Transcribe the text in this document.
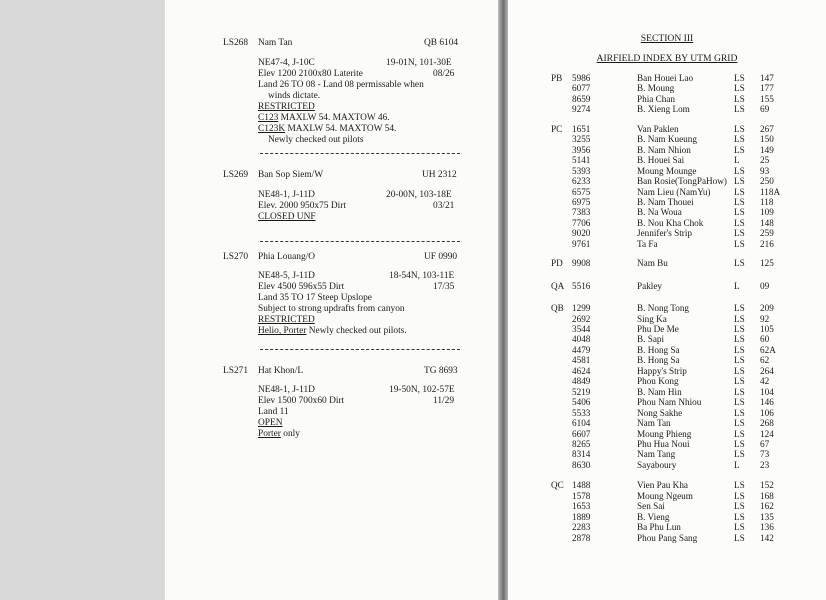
LS268 Nam Tan	QB 6104
NE47-4, J-10C	19-01N, 101-30E
Elev 1200 2100x80 Laterite	08/26
Land 26 TO 08 - Land 08 permissable when
winds dictate.
RESTRICTED
C123 MAXLW 54. MAXTOW 46.
C123K MAXLW 54. MAXTOW 54.
Newly checked out pilots
LS269 Ban Sop Siem/W	UH 2312
NE48-1, J-11D	20-00N, 103-18E
Elev. 2000 950x75 Dirt	03/21
CLOSED UNF
LS270 Phia Louang/O	UF 0990
NE48-5, J-11D	18-54N, 103-11E
Elev 4500 596x55 Dirt	17/35
Land 35 TO 17 Steep Upslope
Subject to strong updrafts from canyon
RESTRICTED
Helio, Porter Newly checked out pilots.
LS271 Hat Khon/L	TG 8693
NE48-1, J-11D	19-50N, 102-57E
Elev 1500 700x60 Dirt	11/29
Land 11
OPEN
Porter only
SECTION III
AIRFIELD INDEX BY UTM GRID
PB 5986	Ban Houei Lao	LS 147
6077	B. Moung	LS 177
8659	Phia Chan	LS 155
9274	B. Xieng Lom	LS 69
PC 1651	Van Paklen	LS 267
3255	B. Nam Kueung	LS 150
3956	B. Nam Nhion	LS 149
5141	B. Houei Sai	L 25
5393	Moung Mounge	LS 93
6233	Ban Rosie(TongPaHow) LS 250
6575	Nam Lieu (NamYu)	LS 118A
6975	B. Nam Thouei	LS 118
7383	B. Na Woua	LS 109
7706	B. Nou Kha Chok	LS 148
9020	Jennifer's Strip	LS 259
9761	Ta Fa	LS 216
PD 9908	Nam Bu	LS 125
QA 5516	Pakley	L 09
QB 1299	B. Nong Tong	LS 209
2692	Sing Ka	LS 92
3544	Phu De Me	LS 105
4048	B. Sapi	LS 60
4479	B. Hong Sa	LS 62A
4581	B. Hong Sa	LS 62
4624	Happy's Strip	LS 264
4849	Phou Kong	LS 42
5219	B. Nam Hin	LS 104
5406	Phou Nam Nhiou	LS 146
5533	Nong Sakhe	LS 106
6104	Nam Tan	LS 268
6607	Moung Phieng	LS 124
8265	Phu Hua Noui	LS 67
8314	Nam Tang	LS 73
8630	Sayaboury	L 23
QC 1488	Vien Pau Kha	LS 152
1578	Moung Ngeum	LS 168
1653	Sen Sai	LS 162
1889	B. Vieng	LS 135
2283	Ba Phu Lun	LS 136
2878	Phou Pang Sang	LS 142
